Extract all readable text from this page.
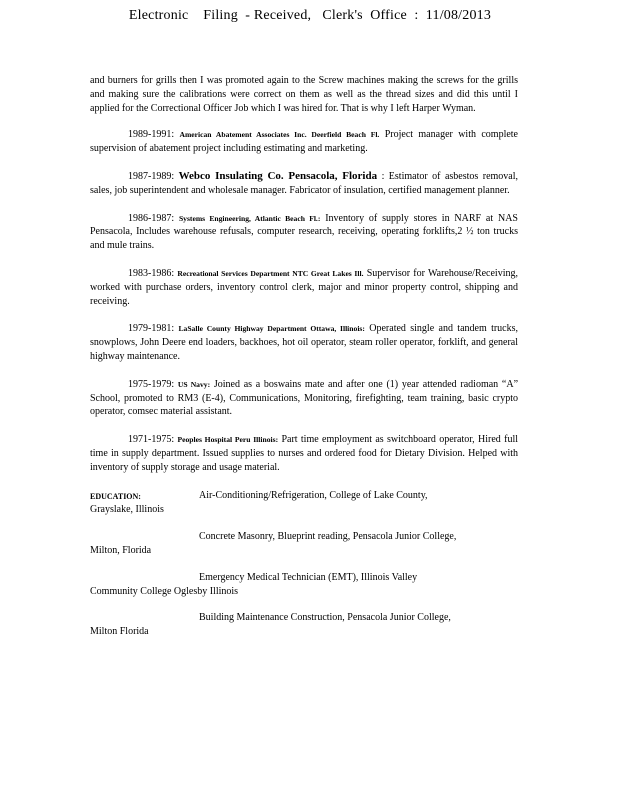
Electronic    Filing  - Received,   Clerk's  Office  :  11/08/2013

and burners for grills then I was promoted again to the Screw machines making the screws for the grills and making sure the calibrations were correct on them as well as the thread sizes and did this until I applied for the Correctional Officer Job which I was hired for. That is why I left Harper Wyman.

1989-1991: American Abatement Associates Inc. Deerfield Beach Fl. Project manager with complete supervision of abatement project including estimating and marketing.

1987-1989: Webco Insulating Co. Pensacola, Florida : Estimator of asbestos removal, sales, job superintendent and wholesale manager. Fabricator of insulation, certified management planner.

1986-1987: Systems Engineering, Atlantic Beach Fl.: Inventory of supply stores in NARF at NAS Pensacola, Includes warehouse refusals, computer research, receiving, operating forklifts,2 ½ ton trucks and mule trains.

1983-1986: Recreational Services Department NTC Great Lakes Ill. Supervisor for Warehouse/Receiving, worked with purchase orders, inventory control clerk, major and minor property control, shipping and receiving.

1979-1981: LaSalle County Highway Department Ottawa, Illinois: Operated single and tandem trucks, snowplows, John Deere end loaders, backhoes, hot oil operator, steam roller operator, forklift, and general highway maintenance.

1975-1979: US Navy: Joined as a boswains mate and after one (1) year attended radioman “A” School, promoted to RM3 (E-4), Communications, Monitoring, firefighting, team training, basic crypto operator, comsec material assistant.

1971-1975: Peoples Hospital Peru Illinois: Part time employment as switchboard operator, Hired full time in supply department. Issued supplies to nurses and ordered food for Dietary Division. Helped with inventory of supply storage and usage material.

EDUCATION:	Air-Conditioning/Refrigeration, College of Lake County,
Grayslake, Illinois
Concrete Masonry, Blueprint reading, Pensacola Junior College,
Milton, Florida
Emergency Medical Technician (EMT), Illinois Valley
Community College Oglesby Illinois
Building Maintenance Construction, Pensacola Junior College,
Milton Florida
